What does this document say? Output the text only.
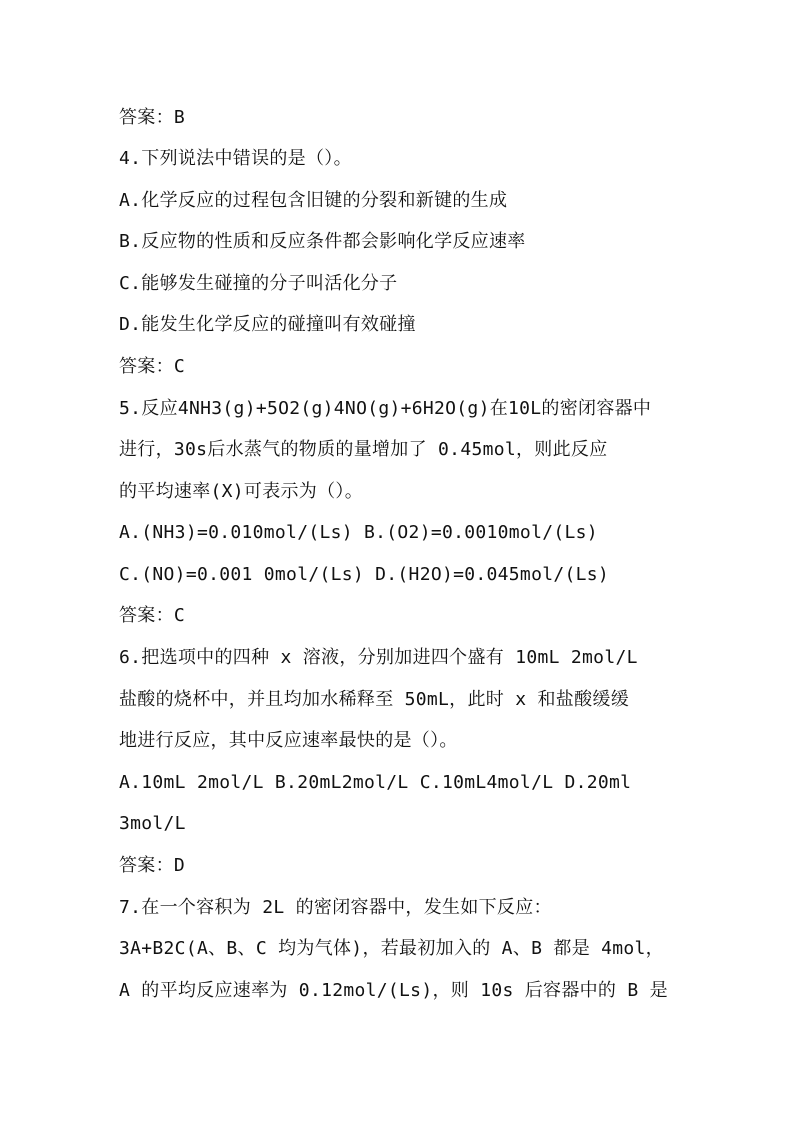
答案：B
4.下列说法中错误的是（）。
A.化学反应的过程包含旧键的分裂和新键的生成
B.反应物的性质和反应条件都会影响化学反应速率
C.能够发生碰撞的分子叫活化分子
D.能发生化学反应的碰撞叫有效碰撞
答案：C
5.反应4NH3(g)+5O2(g)4NO(g)+6H2O(g)在10L的密闭容器中
进行，30s后水蒸气的物质的量增加了 0.45mol，则此反应
的平均速率(X)可表示为（）。
A.(NH3)=0.010mol/(Ls) B.(O2)=0.0010mol/(Ls)
C.(NO)=0.001 0mol/(Ls) D.(H2O)=0.045mol/(Ls)
答案：C
6.把选项中的四种 x 溶液，分别加进四个盛有 10mL 2mol/L
盐酸的烧杯中，并且均加水稀释至 50mL，此时 x 和盐酸缓缓
地进行反应，其中反应速率最快的是（）。
A.10mL 2mol/L B.20mL2mol/L C.10mL4mol/L D.20ml
3mol/L
答案：D
7.在一个容积为 2L 的密闭容器中，发生如下反应：
3A+B2C(A、B、C 均为气体)，若最初加入的 A、B 都是 4mol，
A 的平均反应速率为 0.12mol/(Ls)，则 10s 后容器中的 B 是
